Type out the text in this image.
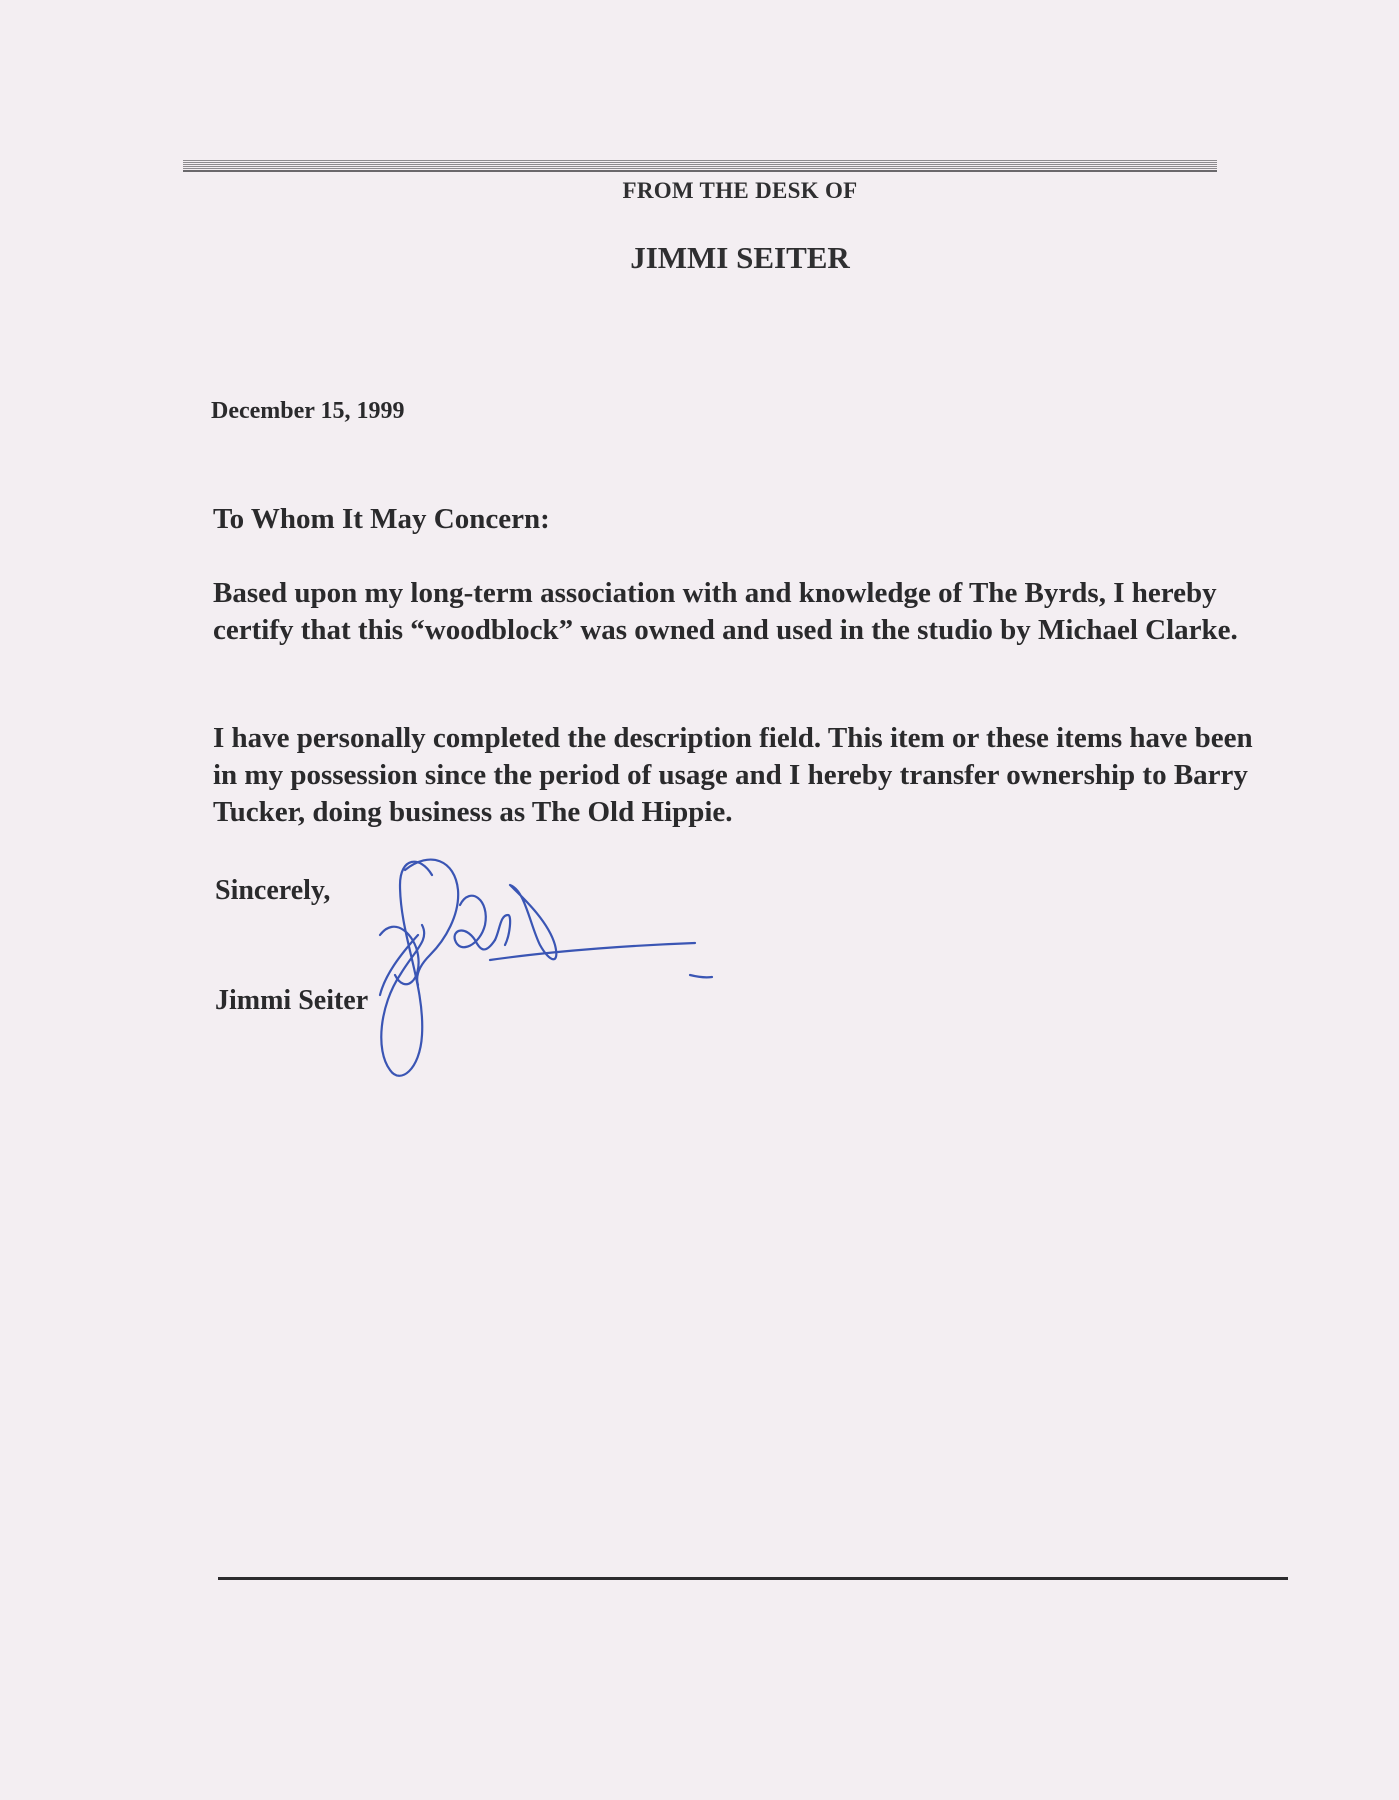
FROM THE DESK OF
JIMMI SEITER
December 15, 1999
To Whom It May Concern:
Based upon my long-term association with and knowledge of The Byrds, I hereby certify that this “woodblock” was owned and used in the studio by Michael Clarke.
I have personally completed the description field. This item or these items have been in my possession since the period of usage and I hereby transfer ownership to Barry Tucker, doing business as The Old Hippie.
Sincerely,
Jimmi Seiter
